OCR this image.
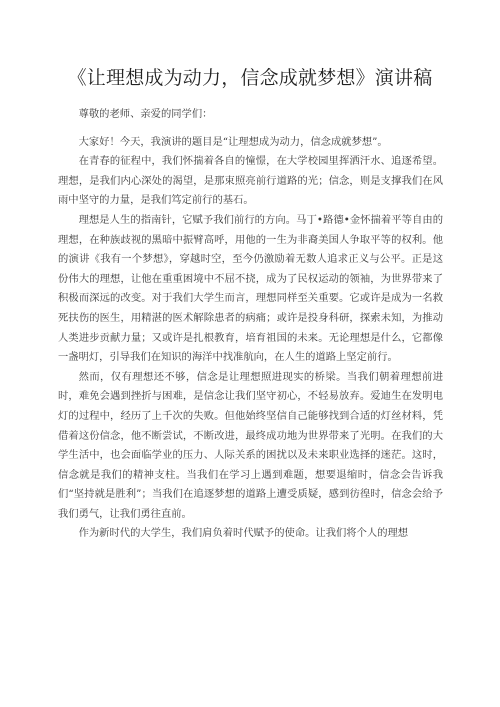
《让理想成为动力，信念成就梦想》演讲稿

尊敬的老师、亲爱的同学们：

大家好！今天，我演讲的题目是“让理想成为动力，信念成就梦想”。

在青春的征程中，我们怀揣着各自的憧憬，在大学校园里挥洒汗水、追逐希望。理想，是我们内心深处的渴望，是那束照亮前行道路的光；信念，则是支撑我们在风雨中坚守的力量，是我们笃定前行的基石。

理想是人生的指南针，它赋予我们前行的方向。马丁•路德•金怀揣着平等自由的理想，在种族歧视的黑暗中振臂高呼，用他的一生为非裔美国人争取平等的权利。他的演讲《我有一个梦想》，穿越时空，至今仍激励着无数人追求正义与公平。正是这份伟大的理想，让他在重重困境中不屈不挠，成为了民权运动的领袖，为世界带来了积极而深远的改变。对于我们大学生而言，理想同样至关重要。它或许是成为一名救死扶伤的医生，用精湛的医术解除患者的病痛；或许是投身科研，探索未知，为推动人类进步贡献力量；又或许是扎根教育，培育祖国的未来。无论理想是什么，它都像一盏明灯，引导我们在知识的海洋中找准航向，在人生的道路上坚定前行。

然而，仅有理想还不够，信念是让理想照进现实的桥梁。当我们朝着理想前进时，难免会遇到挫折与困难，是信念让我们坚守初心，不轻易放弃。爱迪生在发明电灯的过程中，经历了上千次的失败。但他始终坚信自己能够找到合适的灯丝材料，凭借着这份信念，他不断尝试，不断改进，最终成功地为世界带来了光明。在我们的大学生活中，也会面临学业的压力、人际关系的困扰以及未来职业选择的迷茫。这时，信念就是我们的精神支柱。当我们在学习上遇到难题，想要退缩时，信念会告诉我们“坚持就是胜利”；当我们在追逐梦想的道路上遭受质疑，感到彷徨时，信念会给予我们勇气，让我们勇往直前。

作为新时代的大学生，我们肩负着时代赋予的使命。让我们将个人的理想
